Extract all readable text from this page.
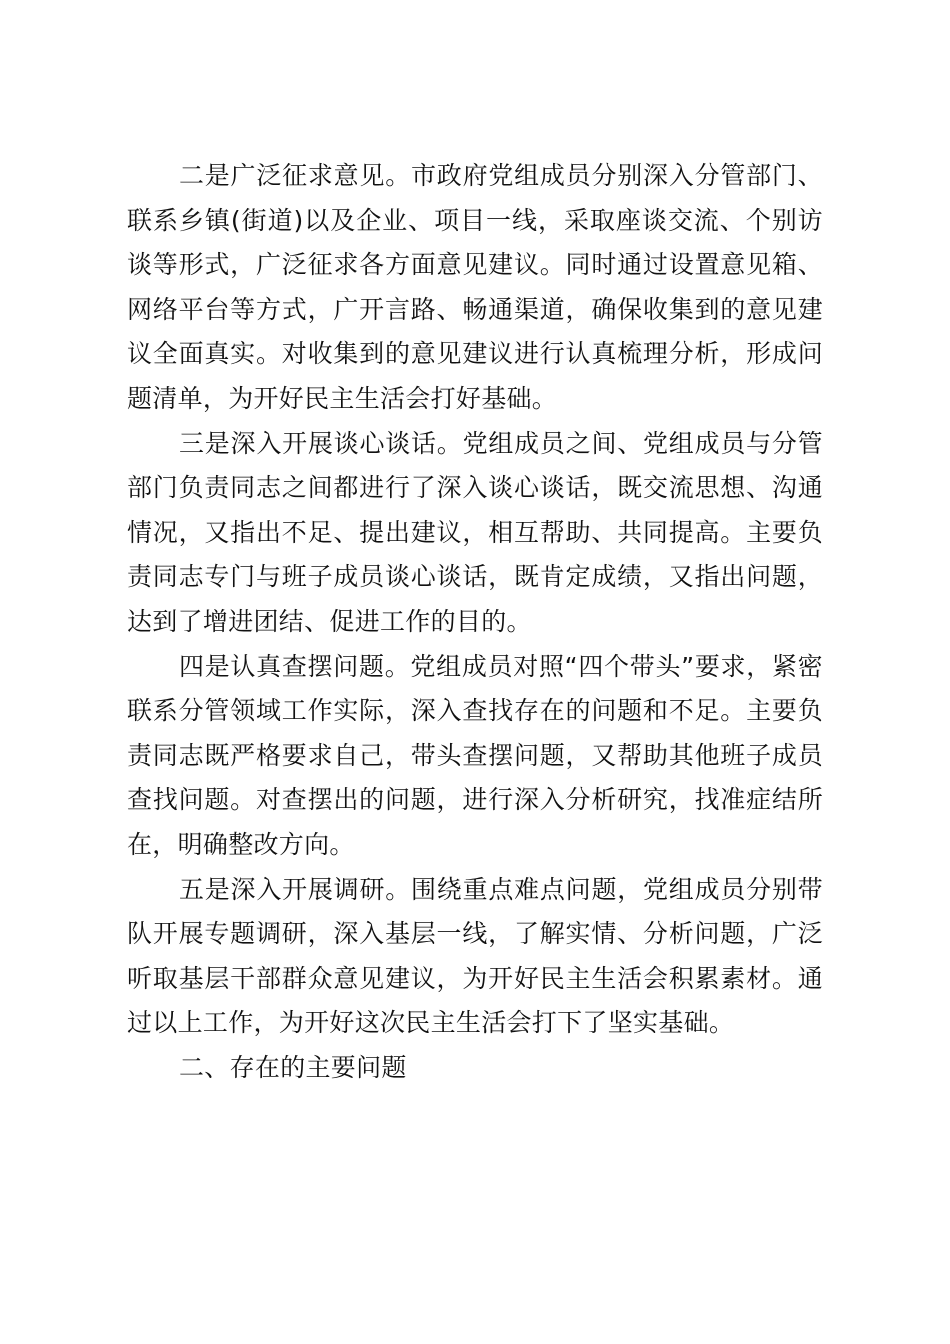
二是广泛征求意见。市政府党组成员分别深入分管部门、联系乡镇(街道)以及企业、项目一线，采取座谈交流、个别访谈等形式，广泛征求各方面意见建议。同时通过设置意见箱、网络平台等方式，广开言路、畅通渠道，确保收集到的意见建议全面真实。对收集到的意见建议进行认真梳理分析，形成问题清单，为开好民主生活会打好基础。

三是深入开展谈心谈话。党组成员之间、党组成员与分管部门负责同志之间都进行了深入谈心谈话，既交流思想、沟通情况，又指出不足、提出建议，相互帮助、共同提高。主要负责同志专门与班子成员谈心谈话，既肯定成绩，又指出问题，达到了增进团结、促进工作的目的。

四是认真查摆问题。党组成员对照“四个带头”要求，紧密联系分管领域工作实际，深入查找存在的问题和不足。主要负责同志既严格要求自己，带头查摆问题，又帮助其他班子成员查找问题。对查摆出的问题，进行深入分析研究，找准症结所在，明确整改方向。

五是深入开展调研。围绕重点难点问题，党组成员分别带队开展专题调研，深入基层一线，了解实情、分析问题，广泛听取基层干部群众意见建议，为开好民主生活会积累素材。通过以上工作，为开好这次民主生活会打下了坚实基础。

二、存在的主要问题
